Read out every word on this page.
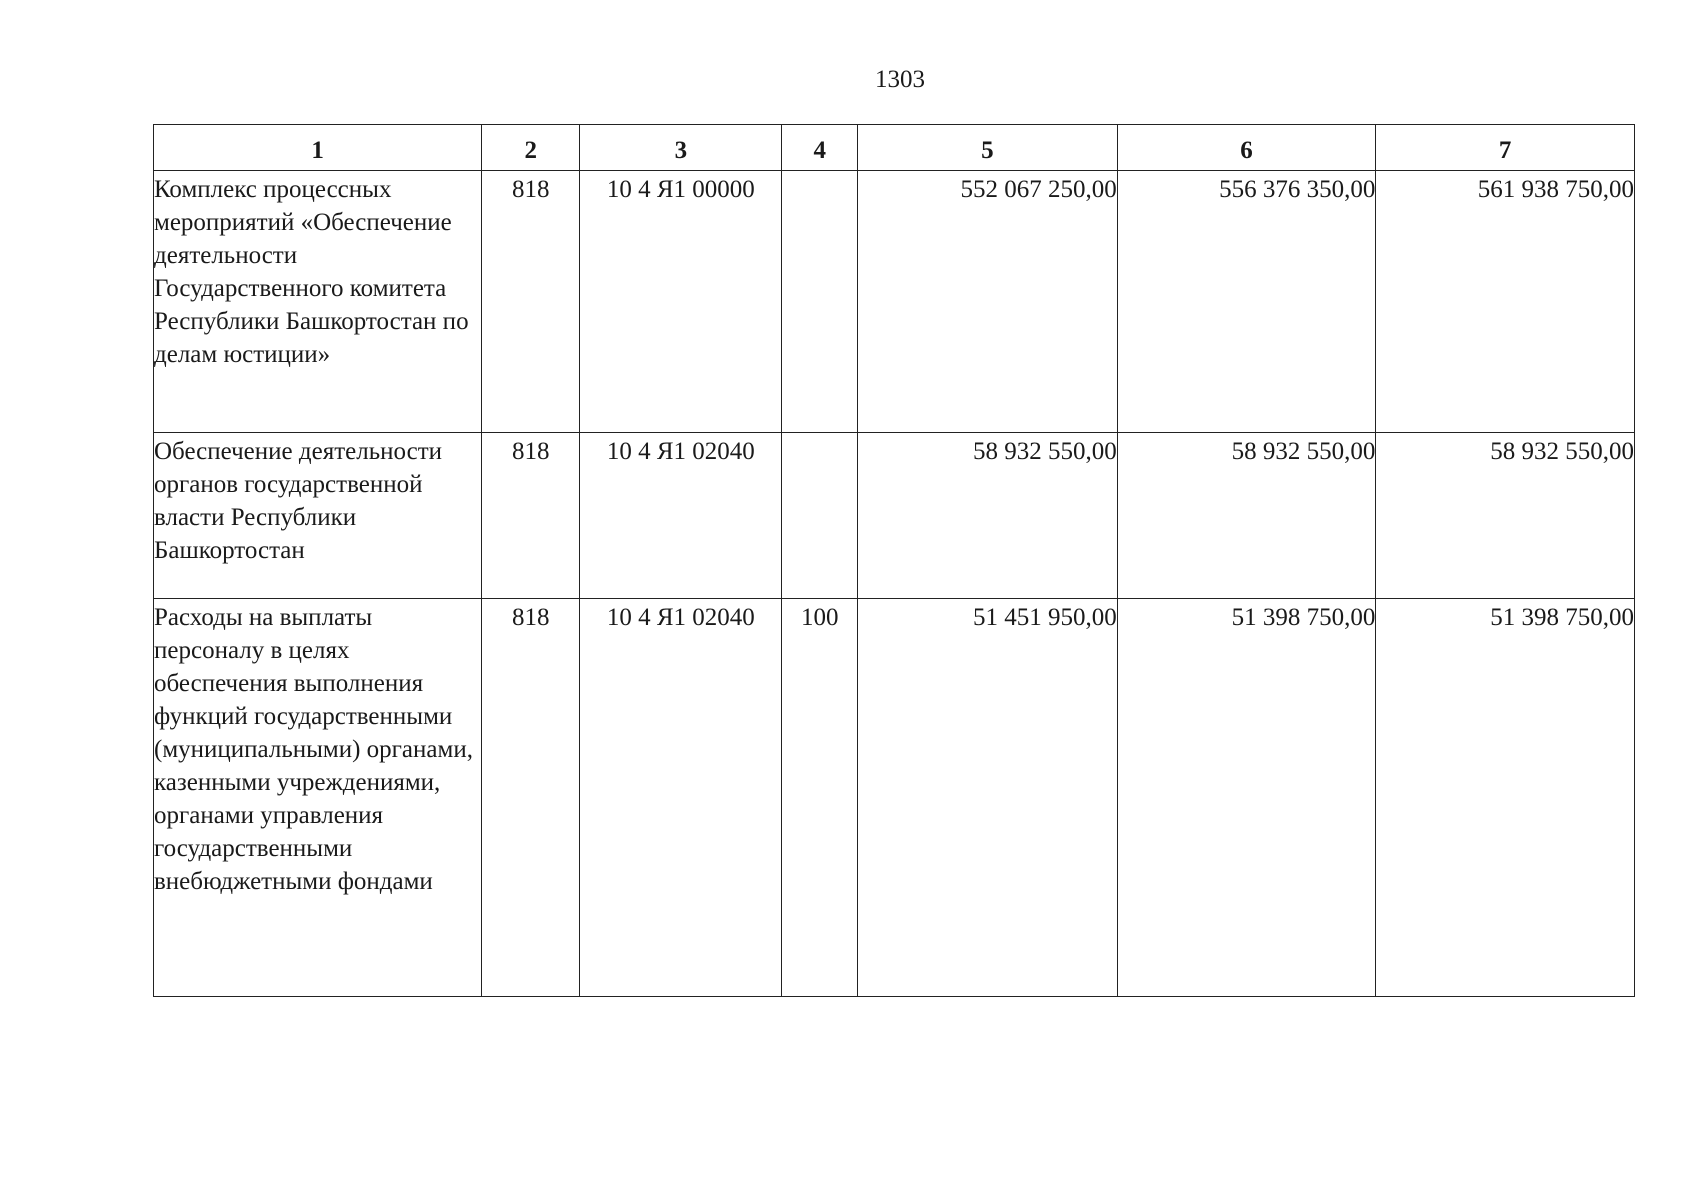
1303
1	2	3	4	5	6	7
Комплекс процессных мероприятий «Обеспечение деятельности Государственного комитета Республики Башкортостан по делам юстиции»	818	10 4 Я1 00000		552 067 250,00	556 376 350,00	561 938 750,00
Обеспечение деятельности органов государственной власти Республики Башкортостан	818	10 4 Я1 02040		58 932 550,00	58 932 550,00	58 932 550,00
Расходы на выплаты персоналу в целях обеспечения выполнения функций государственными (муниципальными) органами, казенными учреждениями, органами управления государственными внебюджетными фондами	818	10 4 Я1 02040	100	51 451 950,00	51 398 750,00	51 398 750,00
